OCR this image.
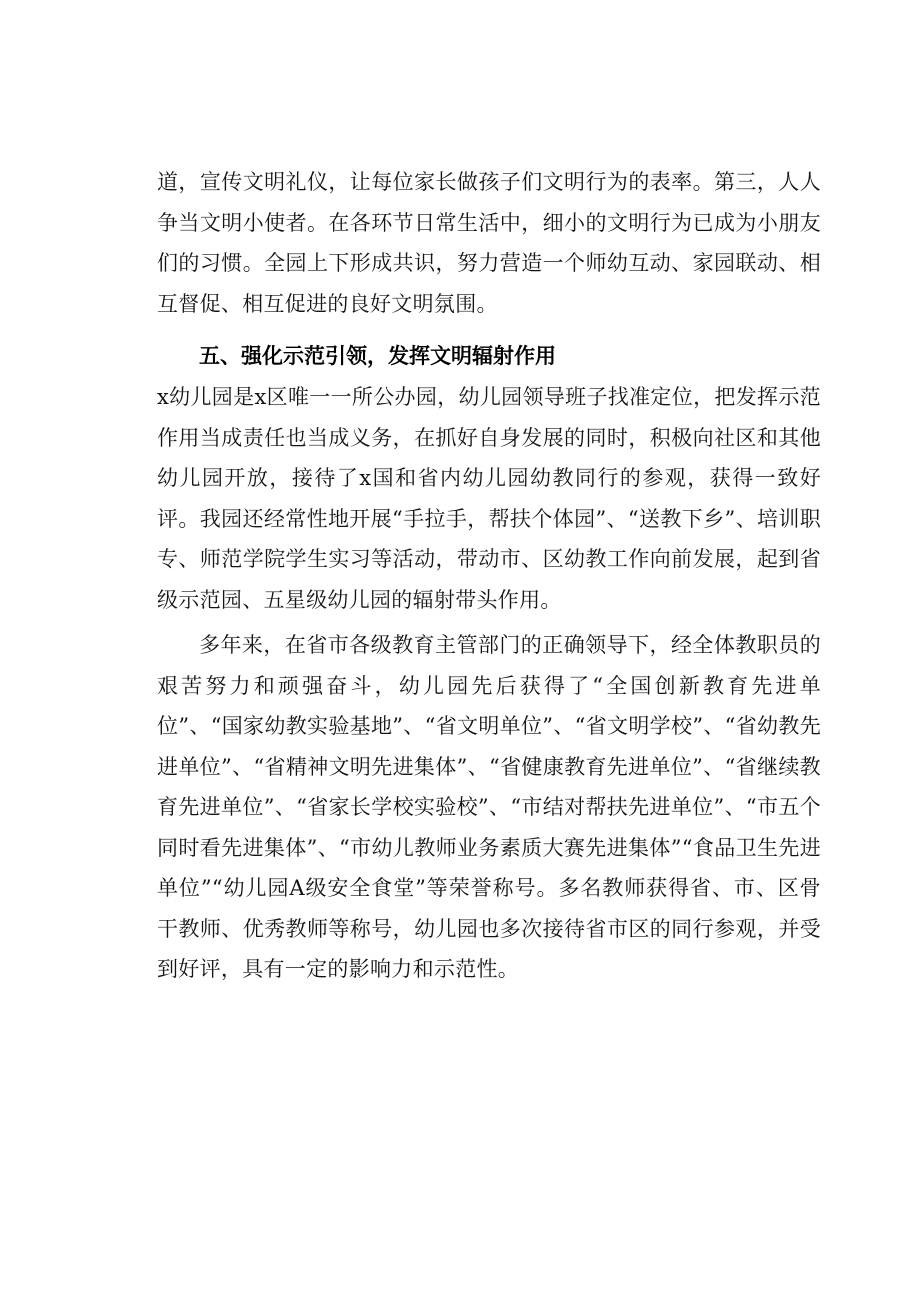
道，宣传文明礼仪，让每位家长做孩子们文明行为的表率。第三，人人争当文明小使者。在各环节日常生活中，细小的文明行为已成为小朋友们的习惯。全园上下形成共识，努力营造一个师幼互动、家园联动、相互督促、相互促进的良好文明氛围。

五、强化示范引领，发挥文明辐射作用

x幼儿园是x区唯一一所公办园，幼儿园领导班子找准定位，把发挥示范作用当成责任也当成义务，在抓好自身发展的同时，积极向社区和其他幼儿园开放，接待了x国和省内幼儿园幼教同行的参观，获得一致好评。我园还经常性地开展“手拉手，帮扶个体园”、“送教下乡”、培训职专、师范学院学生实习等活动，带动市、区幼教工作向前发展，起到省级示范园、五星级幼儿园的辐射带头作用。

多年来，在省市各级教育主管部门的正确领导下，经全体教职员的艰苦努力和顽强奋斗，幼儿园先后获得了“全国创新教育先进单位”、“国家幼教实验基地”、“省文明单位”、“省文明学校”、“省幼教先进单位”、“省精神文明先进集体”、“省健康教育先进单位”、“省继续教育先进单位”、“省家长学校实验校”、“市结对帮扶先进单位”、“市五个同时看先进集体”、“市幼儿教师业务素质大赛先进集体”“食品卫生先进单位”“幼儿园A级安全食堂”等荣誉称号。多名教师获得省、市、区骨干教师、优秀教师等称号，幼儿园也多次接待省市区的同行参观，并受到好评，具有一定的影响力和示范性。
